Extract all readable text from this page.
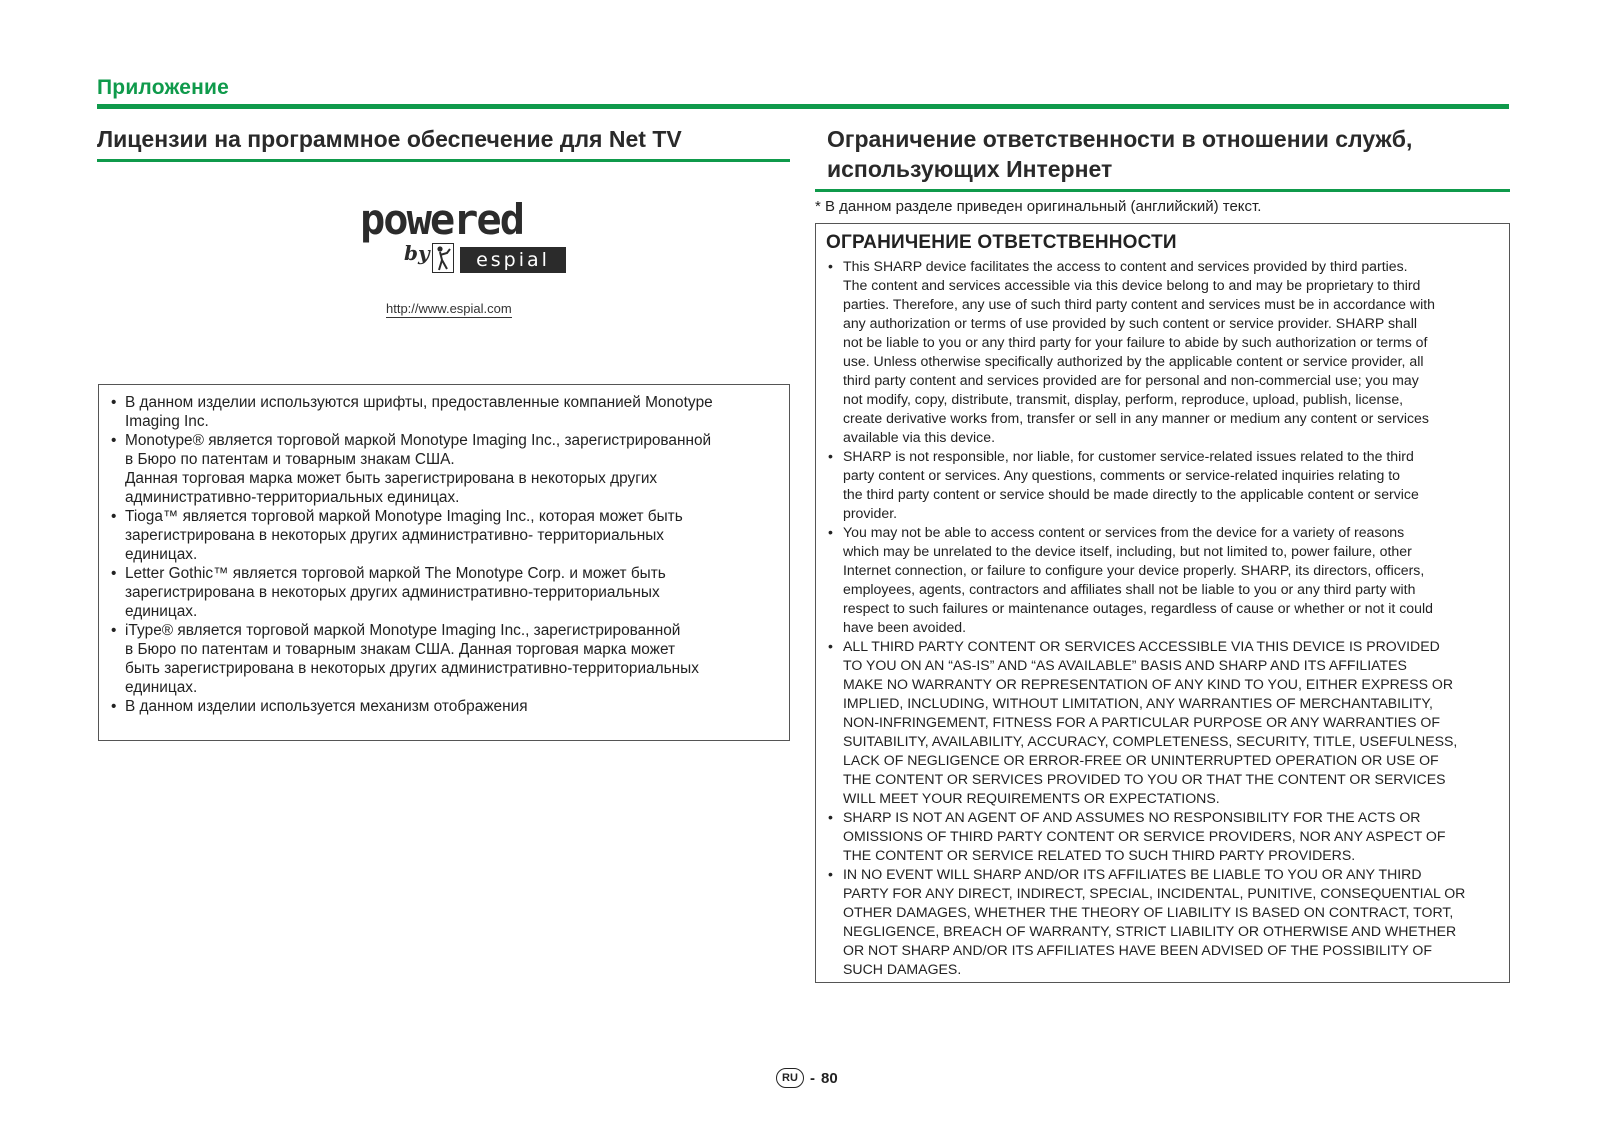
Приложение
Лицензии на программное обеспечение для Net TV
powered
by	espial
http://www.espial.com
• В данном изделии используются шрифты, предоставленные компанией Monotype
Imaging Inc.
• Monotype® является торговой маркой Monotype Imaging Inc., зарегистрированной
в Бюро по патентам и товарным знакам США.
Данная торговая марка может быть зарегистрирована в некоторых других
административно-территориальных единицах.
• Tioga™ является торговой маркой Monotype Imaging Inc., которая может быть
зарегистрирована в некоторых других административно- территориальных
единицах.
• Letter Gothic™ является торговой маркой The Monotype Corp. и может быть
зарегистрирована в некоторых других административно-территориальных
единицах.
• iType® является торговой маркой Monotype Imaging Inc., зарегистрированной
в Бюро по патентам и товарным знакам США. Данная торговая марка может
быть зарегистрирована в некоторых других административно-территориальных
единицах.
• В данном изделии используется механизм отображения
Ограничение ответственности в отношении служб,
использующих Интернет
* В данном разделе приведен оригинальный (английский) текст.
ОГРАНИЧЕНИЕ ОТВЕТСТВЕННОСТИ
• This SHARP device facilitates the access to content and services provided by third parties.
The content and services accessible via this device belong to and may be proprietary to third
parties. Therefore, any use of such third party content and services must be in accordance with
any authorization or terms of use provided by such content or service provider. SHARP shall
not be liable to you or any third party for your failure to abide by such authorization or terms of
use. Unless otherwise specifically authorized by the applicable content or service provider, all
third party content and services provided are for personal and non-commercial use; you may
not modify, copy, distribute, transmit, display, perform, reproduce, upload, publish, license,
create derivative works from, transfer or sell in any manner or medium any content or services
available via this device.
• SHARP is not responsible, nor liable, for customer service-related issues related to the third
party content or services. Any questions, comments or service-related inquiries relating to
the third party content or service should be made directly to the applicable content or service
provider.
• You may not be able to access content or services from the device for a variety of reasons
which may be unrelated to the device itself, including, but not limited to, power failure, other
Internet connection, or failure to configure your device properly. SHARP, its directors, officers,
employees, agents, contractors and affiliates shall not be liable to you or any third party with
respect to such failures or maintenance outages, regardless of cause or whether or not it could
have been avoided.
• ALL THIRD PARTY CONTENT OR SERVICES ACCESSIBLE VIA THIS DEVICE IS PROVIDED
TO YOU ON AN “AS-IS” AND “AS AVAILABLE” BASIS AND SHARP AND ITS AFFILIATES
MAKE NO WARRANTY OR REPRESENTATION OF ANY KIND TO YOU, EITHER EXPRESS OR
IMPLIED, INCLUDING, WITHOUT LIMITATION, ANY WARRANTIES OF MERCHANTABILITY,
NON-INFRINGEMENT, FITNESS FOR A PARTICULAR PURPOSE OR ANY WARRANTIES OF
SUITABILITY, AVAILABILITY, ACCURACY, COMPLETENESS, SECURITY, TITLE, USEFULNESS,
LACK OF NEGLIGENCE OR ERROR-FREE OR UNINTERRUPTED OPERATION OR USE OF
THE CONTENT OR SERVICES PROVIDED TO YOU OR THAT THE CONTENT OR SERVICES
WILL MEET YOUR REQUIREMENTS OR EXPECTATIONS.
• SHARP IS NOT AN AGENT OF AND ASSUMES NO RESPONSIBILITY FOR THE ACTS OR
OMISSIONS OF THIRD PARTY CONTENT OR SERVICE PROVIDERS, NOR ANY ASPECT OF
THE CONTENT OR SERVICE RELATED TO SUCH THIRD PARTY PROVIDERS.
• IN NO EVENT WILL SHARP AND/OR ITS AFFILIATES BE LIABLE TO YOU OR ANY THIRD
PARTY FOR ANY DIRECT, INDIRECT, SPECIAL, INCIDENTAL, PUNITIVE, CONSEQUENTIAL OR
OTHER DAMAGES, WHETHER THE THEORY OF LIABILITY IS BASED ON CONTRACT, TORT,
NEGLIGENCE, BREACH OF WARRANTY, STRICT LIABILITY OR OTHERWISE AND WHETHER
OR NOT SHARP AND/OR ITS AFFILIATES HAVE BEEN ADVISED OF THE POSSIBILITY OF
SUCH DAMAGES.
RU - 80
